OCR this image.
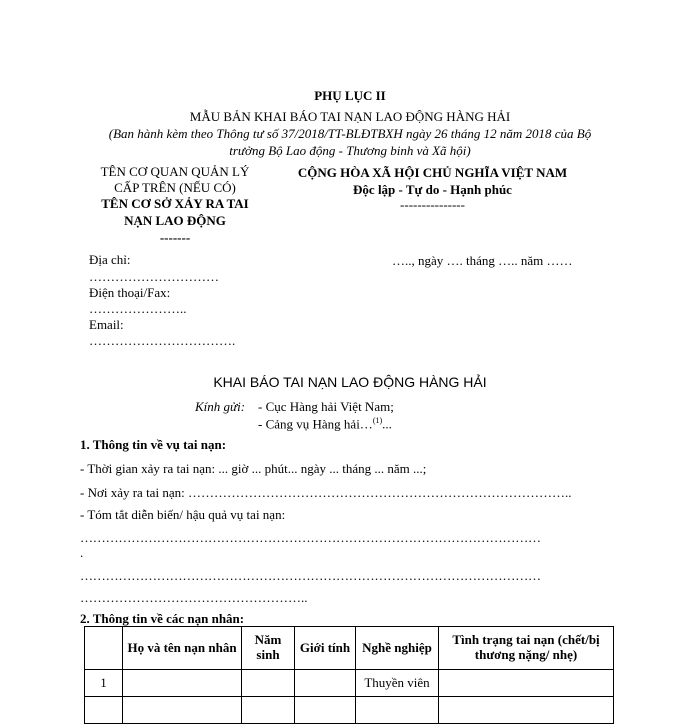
PHỤ LỤC II
MẪU BẢN KHAI BÁO TAI NẠN LAO ĐỘNG HÀNG HẢI
(Ban hành kèm theo Thông tư số 37/2018/TT-BLĐTBXH ngày 26 tháng 12 năm 2018 của Bộ
trưởng Bộ Lao động - Thương binh và Xã hội)
TÊN CƠ QUAN QUẢN LÝ
CẤP TRÊN (NẾU CÓ)
TÊN CƠ SỞ XẢY RA TAI
NẠN LAO ĐỘNG
-------
CỘNG HÒA XÃ HỘI CHỦ NGHĨA VIỆT NAM
Độc lập - Tự do - Hạnh phúc
---------------
Địa chỉ:
…………………………
Điện thoại/Fax:
…………………..
Email:
…………………………….
….., ngày …. tháng ….. năm ……
KHAI BÁO TAI NẠN LAO ĐỘNG HÀNG HẢI
Kính gửi: - Cục Hàng hải Việt Nam;
- Cảng vụ Hàng hải…$^{(1)}$...
1. Thông tin về vụ tai nạn:
- Thời gian xảy ra tai nạn: ... giờ ... phút... ngày ... tháng ... năm ...;
- Nơi xảy ra tai nạn: ……………………………………………………………………………..
- Tóm tắt diễn biến/ hậu quả vụ tai nạn:
………………………………………………………………………………………………
.
………………………………………………………………………………………………
……………………………………………..
2. Thông tin về các nạn nhân:
	Họ và tên nạn nhân	Năm sinh	Giới tính	Nghề nghiệp	Tình trạng tai nạn (chết/bị thương nặng/ nhẹ)
1				Thuyền viên	
